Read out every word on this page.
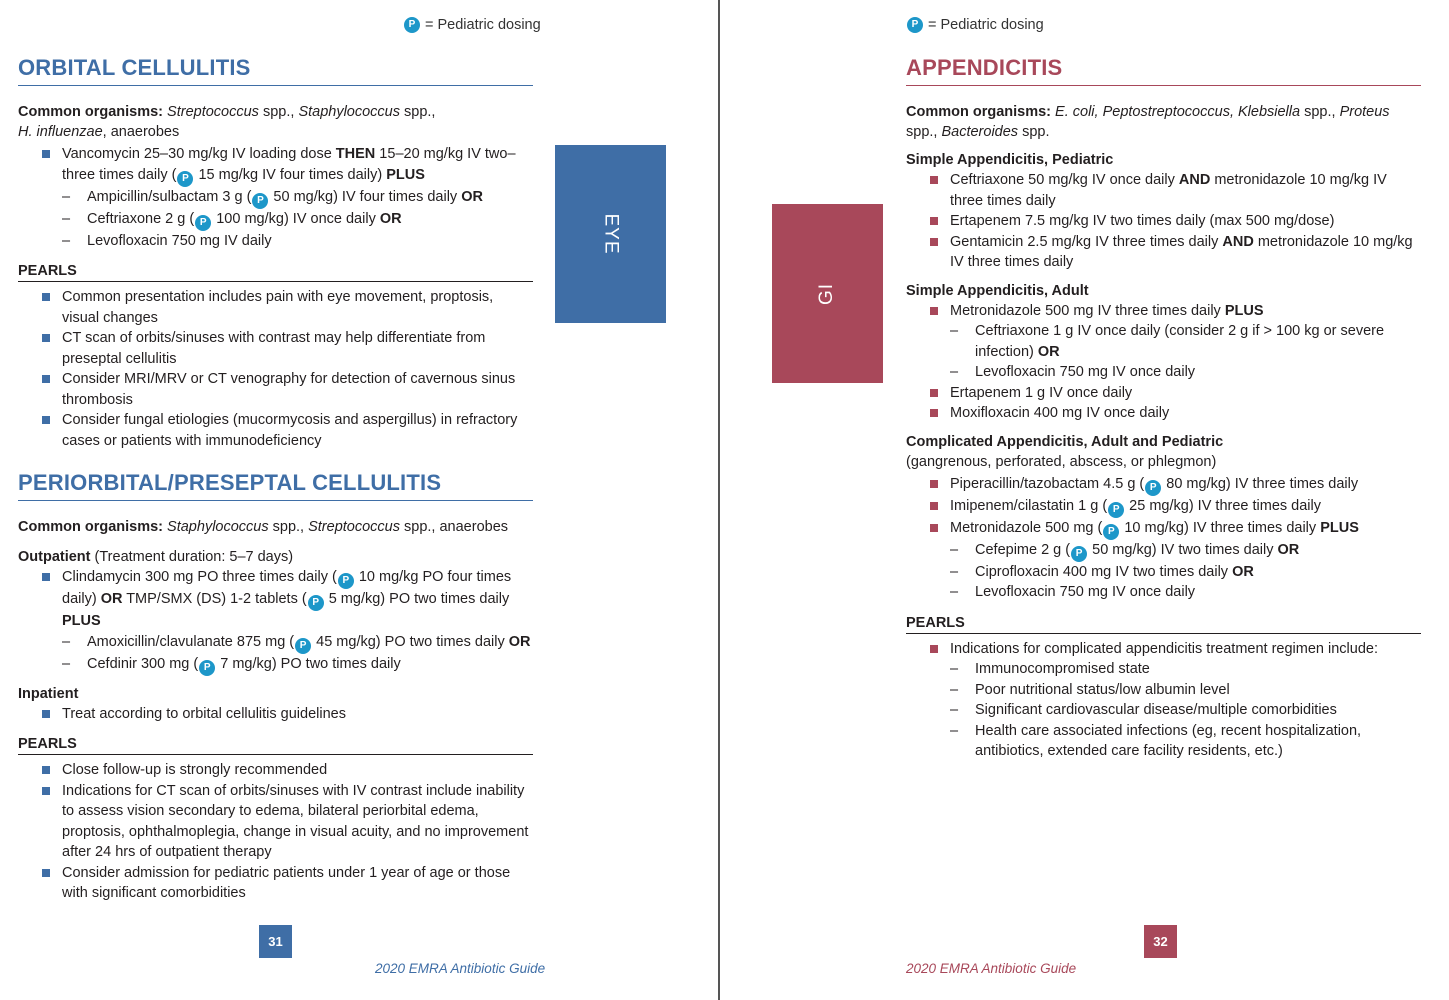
P = Pediatric dosing
ORBITAL CELLULITIS
Common organisms: Streptococcus spp., Staphylococcus spp.,
H. influenzae, anaerobes
Vancomycin 25–30 mg/kg IV loading dose THEN 15–20 mg/kg IV two–three times daily ( P 15 mg/kg IV four times daily) PLUS
– Ampicillin/sulbactam 3 g ( P 50 mg/kg) IV four times daily OR
– Ceftriaxone 2 g ( P 100 mg/kg) IV once daily OR
– Levofloxacin 750 mg IV daily
PEARLS
Common presentation includes pain with eye movement, proptosis, visual changes
CT scan of orbits/sinuses with contrast may help differentiate from preseptal cellulitis
Consider MRI/MRV or CT venography for detection of cavernous sinus thrombosis
Consider fungal etiologies (mucormycosis and aspergillus) in refractory cases or patients with immunodeficiency
PERIORBITAL/PRESEPTAL CELLULITIS
Common organisms: Staphylococcus spp., Streptococcus spp., anaerobes
Outpatient (Treatment duration: 5–7 days)
Clindamycin 300 mg PO three times daily ( P 10 mg/kg PO four times daily) OR TMP/SMX (DS) 1-2 tablets ( P 5 mg/kg) PO two times daily PLUS
– Amoxicillin/clavulanate 875 mg ( P 45 mg/kg) PO two times daily OR
– Cefdinir 300 mg ( P 7 mg/kg) PO two times daily
Inpatient
Treat according to orbital cellulitis guidelines
PEARLS
Close follow-up is strongly recommended
Indications for CT scan of orbits/sinuses with IV contrast include inability to assess vision secondary to edema, bilateral periorbital edema, proptosis, ophthalmoplegia, change in visual acuity, and no improvement after 24 hrs of outpatient therapy
Consider admission for pediatric patients under 1 year of age or those with significant comorbidities
EYE
31
2020 EMRA Antibiotic Guide
P = Pediatric dosing
GI
APPENDICITIS
Common organisms: E. coli, Peptostreptococcus, Klebsiella spp., Proteus spp., Bacteroides spp.
Simple Appendicitis, Pediatric
Ceftriaxone 50 mg/kg IV once daily AND metronidazole 10 mg/kg IV three times daily
Ertapenem 7.5 mg/kg IV two times daily (max 500 mg/dose)
Gentamicin 2.5 mg/kg IV three times daily AND metronidazole 10 mg/kg IV three times daily
Simple Appendicitis, Adult
Metronidazole 500 mg IV three times daily PLUS
– Ceftriaxone 1 g IV once daily (consider 2 g if > 100 kg or severe infection) OR
– Levofloxacin 750 mg IV once daily
Ertapenem 1 g IV once daily
Moxifloxacin 400 mg IV once daily
Complicated Appendicitis, Adult and Pediatric
(gangrenous, perforated, abscess, or phlegmon)
Piperacillin/tazobactam 4.5 g ( P 80 mg/kg) IV three times daily
Imipenem/cilastatin 1 g ( P 25 mg/kg) IV three times daily
Metronidazole 500 mg ( P 10 mg/kg) IV three times daily PLUS
– Cefepime 2 g ( P 50 mg/kg) IV two times daily OR
– Ciprofloxacin 400 mg IV two times daily OR
– Levofloxacin 750 mg IV once daily
PEARLS
Indications for complicated appendicitis treatment regimen include:
– Immunocompromised state
– Poor nutritional status/low albumin level
– Significant cardiovascular disease/multiple comorbidities
– Health care associated infections (eg, recent hospitalization, antibiotics, extended care facility residents, etc.)
32
2020 EMRA Antibiotic Guide
